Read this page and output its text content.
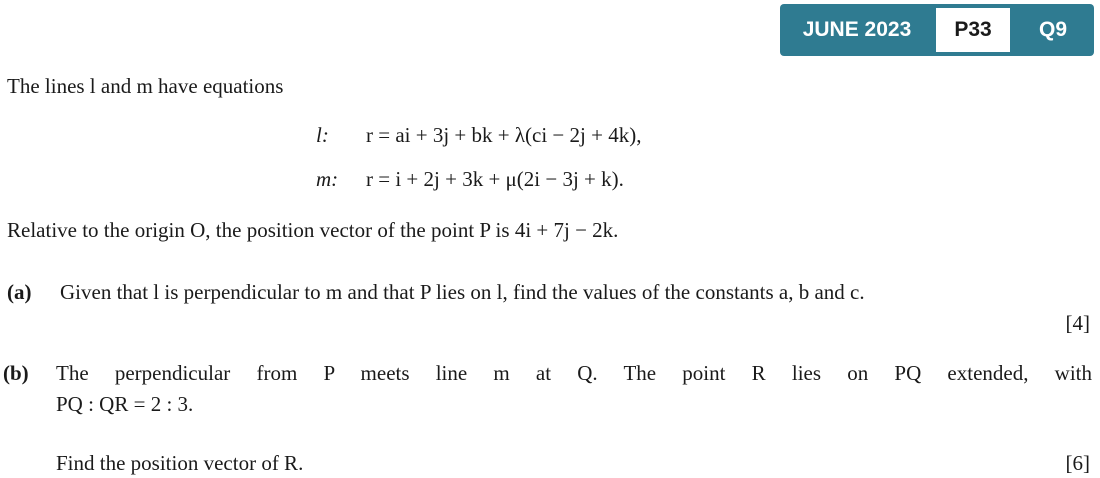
JUNE 2023	P33	Q9
The lines l and m have equations
l: r = ai + 3j + bk + λ(ci − 2j + 4k),
m: r = i + 2j + 3k + μ(2i − 3j + k).
Relative to the origin O, the position vector of the point P is 4i + 7j − 2k.
(a) Given that l is perpendicular to m and that P lies on l, find the values of the constants a, b and c.
[4]
(b) The perpendicular from P meets line m at Q. The point R lies on PQ extended, with
PQ : QR = 2 : 3.
Find the position vector of R.	[6]
